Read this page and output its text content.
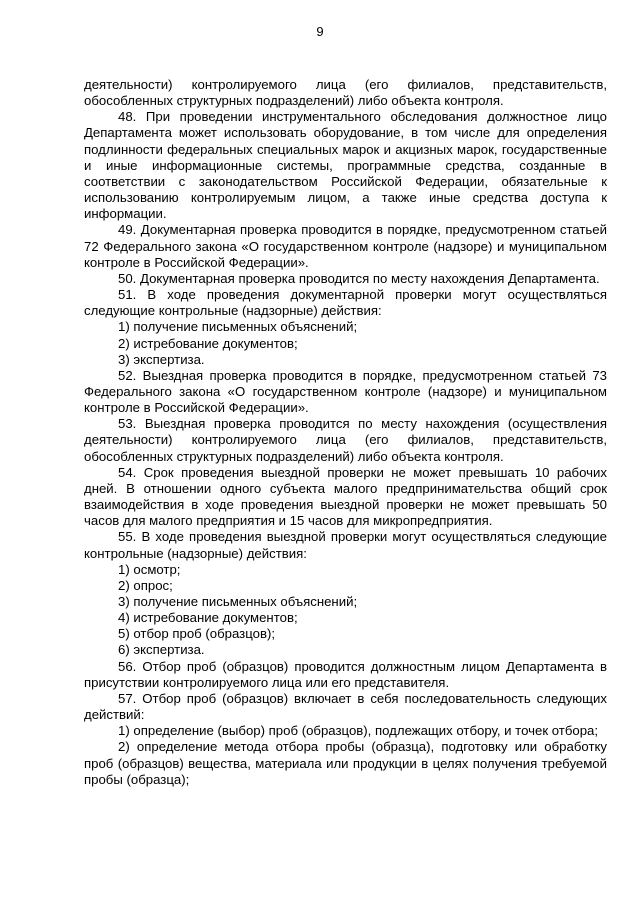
9

деятельности) контролируемого лица (его филиалов, представительств, обособленных структурных подразделений) либо объекта контроля.

48. При проведении инструментального обследования должностное лицо Департамента может использовать оборудование, в том числе для определения подлинности федеральных специальных марок и акцизных марок, государственные и иные информационные системы, программные средства, созданные в соответствии с законодательством Российской Федерации, обязательные к использованию контролируемым лицом, а также иные средства доступа к информации.

49. Документарная проверка проводится в порядке, предусмотренном статьей 72 Федерального закона «О государственном контроле (надзоре) и муниципальном контроле в Российской Федерации».

50. Документарная проверка проводится по месту нахождения Департамента.

51. В ходе проведения документарной проверки могут осуществляться следующие контрольные (надзорные) действия:

1) получение письменных объяснений;

2) истребование документов;

3) экспертиза.

52. Выездная проверка проводится в порядке, предусмотренном статьей 73 Федерального закона «О государственном контроле (надзоре) и муниципальном контроле в Российской Федерации».

53. Выездная проверка проводится по месту нахождения (осуществления деятельности) контролируемого лица (его филиалов, представительств, обособленных структурных подразделений) либо объекта контроля.

54. Срок проведения выездной проверки не может превышать 10 рабочих дней. В отношении одного субъекта малого предпринимательства общий срок взаимодействия в ходе проведения выездной проверки не может превышать 50 часов для малого предприятия и 15 часов для микропредприятия.

55. В ходе проведения выездной проверки могут осуществляться следующие контрольные (надзорные) действия:

1) осмотр;

2) опрос;

3) получение письменных объяснений;

4) истребование документов;

5) отбор проб (образцов);

6) экспертиза.

56. Отбор проб (образцов) проводится должностным лицом Департамента в присутствии контролируемого лица или его представителя.

57. Отбор проб (образцов) включает в себя последовательность следующих действий:

1) определение (выбор) проб (образцов), подлежащих отбору, и точек отбора;

2) определение метода отбора пробы (образца), подготовку или обработку проб (образцов) вещества, материала или продукции в целях получения требуемой пробы (образца);
